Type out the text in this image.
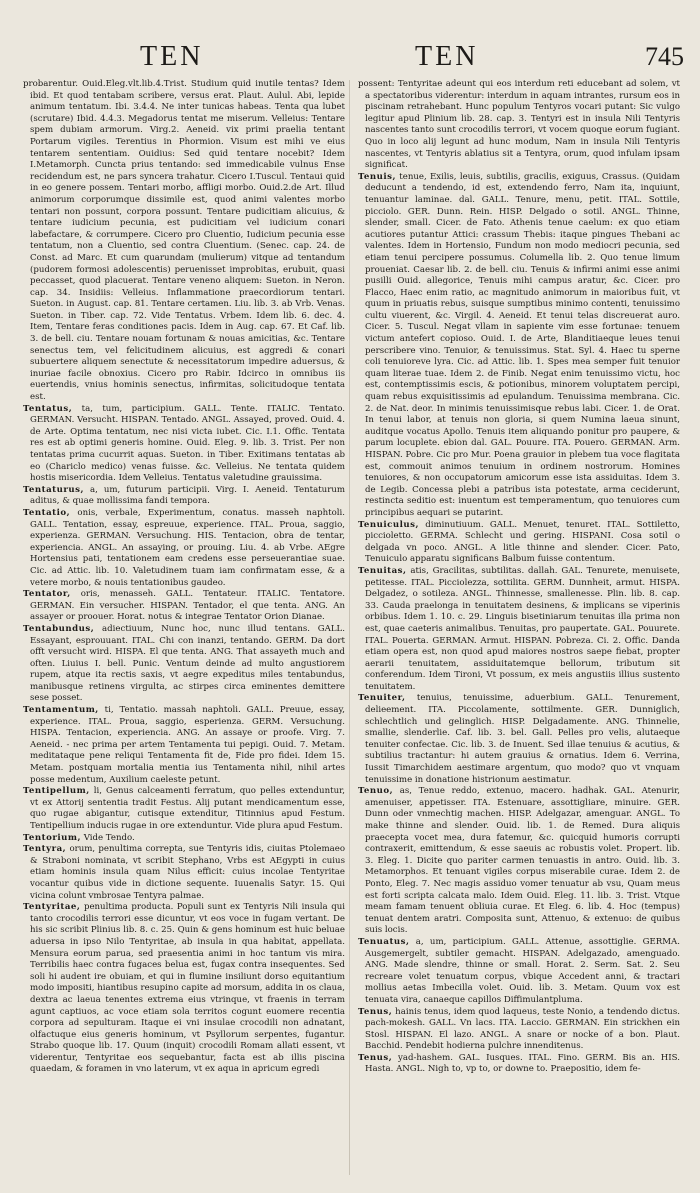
TEN	TEN	745

probarentur. Ouid.Eleg.vlt.lib.4.Trist. Studium quid inutile tentas? Idem ibid. Et quod tentabam scribere, versus erat. Plaut. Aulul. Abi, lepide animum tentatum. Ibi. 3.4.4. Ne inter tunicas habeas. Tenta qua lubet (scrutare) Ibid. 4.4.3. Megadorus tentat me miserum. Velleius: Tentare spem dubiam armorum. Virg.2. Aeneid. vix primi praelia tentant Portarum vigiles. Terentius in Phormion. Visum est mihi ve eius tentarem sententiam. Ouidius: Sed quid tentare nocebit? Idem I.Metamorph. Cuncta prius tentando: sed immedicabile vulnus Ense recidendum est, ne pars syncera trahatur. Cicero I.Tuscul. Tentaui quid in eo genere possem. Tentari morbo, affligi morbo. Ouid.2.de Art. Illud animorum corporumque dissimile est, quod animi valentes morbo tentari non possunt, corpora possunt. Tentare pudicitiam alicuius, & tentare iudicium pecunia, est pudicitiam vel iudicium conari labefactare, & corrumpere. Cicero pro Cluentio, Iudicium pecunia esse tentatum, non a Cluentio, sed contra Cluentium. (Senec. cap. 24. de Const. ad Marc. Et cum quarundam (mulierum) vitque ad tentandum (pudorem formosi adolescentis) peruenisset improbitas, erubuit, quasi peccasset, quod placuerat. Tentare veneno aliquem: Sueton. in Neron. cap. 34. Insidiis: Velleius. Inflammatione praecordiorum tentari. Sueton. in August. cap. 81. Tentare certamen. Liu. lib. 3. ab Vrb. Venas. Sueton. in Tiber. cap. 72. Vide Tentatus. Vrbem. Idem lib. 6. dec. 4. Item, Tentare feras conditiones pacis. Idem in Aug. cap. 67. Et Caf. lib. 3. de bell. ciu. Tentare nouam fortunam & nouas amicitias, &c. Tentare senectus tem, vel felicitudinem alicuius, est aggredi & conari subuertere aliquem senectute & necessitatorum impedire aduersus, & inuriae facile obnoxius. Cicero pro Rabir. Idcirco in omnibus iis euertendis, vnius hominis senectus, infirmitas, solicitudoque tentata est.

Tentatus, ta, tum, participium. GALL. Tente. ITALIC. Tentato. GERMAN. Versucht. HISPAN. Tentado. ANGL. Assayed, proved. Ouid. 4. de Arte. Optima tentatum, nec nisi victa iubet. Cic. I.1. Offic. Tentata res est ab optimi generis homine. Ouid. Eleg. 9. lib. 3. Trist. Per non tentatas prima cucurrit aquas. Sueton. in Tiber. Exitimans tentatas ab eo (Chariclo medico) venas fuisse. &c. Velleius. Ne tentata quidem hostis misericordia. Idem Velleius. Tentatus valetudine grauissima.

Tentaturus, a, um, futurum participii. Virg. I. Aeneid. Tentaturum aditus, & quae mollissima fandi tempora.

Tentatio, onis, verbale, Experimentum, conatus. masseh naphtoli. GALL. Tentation, essay, espreuue, experience. ITAL. Proua, saggio, experienza. GERMAN. Versuchung. HIS. Tentacion, obra de tentar, experiencia. ANGL. An assaying, or prouing. Liu. 4. ab Vrbe. AEgre Hortensius pati, tentationem eam credens esse perseuerantiae suae. Cic. ad Attic. lib. 10. Valetudinem tuam iam confirmatam esse, & a vetere morbo, & nouis tentationibus gaudeo.

Tentator, oris, menasseh. GALL. Tentateur. ITALIC. Tentatore. GERMAN. Ein versucher. HISPAN. Tentador, el que tenta. ANG. An assayer or proouer. Horat. notus & integrae Tentator Orion Dianae.

Tentabundus, adiectiuum, Nunc hoc, nunc illud tentans. GALL. Essayant, esprouuant. ITAL. Chi con inanzi, tentando. GERM. Da dort offt versucht wird. HISPA. El que tenta. ANG. That assayeth much and often. Liuius I. bell. Punic. Ventum deinde ad multo angustiorem rupem, atque ita rectis saxis, vt aegre expeditus miles tentabundus, manibusque retinens virgulta, ac stirpes circa eminentes demittere sese posset.

Tentamentum, ti, Tentatio. massah naphtoli. GALL. Preuue, essay, experience. ITAL. Proua, saggio, esperienza. GERM. Versuchung. HISPA. Tentacion, experiencia. ANG. An assaye or proofe. Virg. 7. Aeneid. - nec prima per artem Tentamenta tui pepigi. Ouid. 7. Metam. meditataque pene reliqui Tentamenta fit de, Fide pro fidei. Idem 15. Metam. postquam mortalia mentia ius Tentamenta nihil, nihil artes posse medentum, Auxilium caeleste petunt.

Tentipellum, li, Genus calceamenti ferratum, quo pelles extenduntur, vt ex Attorij sententia tradit Festus. Alij putant mendicamentum esse, quo rugae abigantur, cutisque extenditur, Titinnius apud Festum. Tentipellium inducis rugae in ore extenduntur. Vide plura apud Festum.

Tentorium, Vide Tendo.

Tentyra, orum, penultima correpta, sue Tentyris idis, ciuitas Ptolemaeo & Straboni nominata, vt scribit Stephano, Vrbs est AEgypti in cuius etiam hominis insula quam Nilus efficit: cuius incolae Tentyritae vocantur quibus vide in dictione sequente. Iuuenalis Satyr. 15. Qui vicina colunt vmbrosae Tentyra palmae.

Tentyritae, penultima producta. Populi sunt ex Tentyris Nili insula qui tanto crocodilis terrori esse dicuntur, vt eos voce in fugam vertant. De his sic scribit Plinius lib. 8. c. 25. Quin & gens hominum est huic beluae aduersa in ipso Nilo Tentyritae, ab insula in qua habitat, appellata. Mensura eorum parua, sed praesentia animi in hoc tantum vis mira. Terribilis haec contra fugaces belua est, fugax contra insequentes. Sed soli hi audent ire obuiam, et qui in flumine insiliunt dorso equitantium modo impositi, hiantibus resupino capite ad morsum, addita in os claua, dextra ac laeua tenentes extrema eius vtrinque, vt fraenis in terram agunt captiuos, ac voce etiam sola territos cogunt euomere recentia corpora ad sepulturam. Itaque ei vni insulae crocodili non adnatant, olfactuque eius generis hominum, vt Psyllorum serpentes, fugantur. Strabo quoque lib. 17. Quum (inquit) crocodili Romam allati essent, vt viderentur, Tentyritae eos sequebantur, facta est ab illis piscina quaedam, & foramen in vno laterum, vt ex aqua in apricum egredi

possent: Tentyritae adeunt qui eos interdum reti educebant ad solem, vt a spectatoribus viderentur: interdum in aquam intrantes, rursum eos in piscinam retrahebant. Hunc populum Tentyros vocari putant: Sic vulgo legitur apud Plinium lib. 28. cap. 3. Tentyri est in insula Nili Tentyris nascentes tanto sunt crocodilis terrori, vt vocem quoque eorum fugiant. Quo in loco alij legunt ad hunc modum, Nam in insula Nili Tentyris nascentes, vt Tentyris ablatius sit a Tentyra, orum, quod infulam ipsam significat.

Tenuis, tenue, Exilis, leuis, subtilis, gracilis, exiguus, Crassus. (Quidam deducunt a tendendo, id est, extendendo ferro, Nam ita, inquiunt, tenuantur laminae. dal. GALL. Tenure, menu, petit. ITAL. Sottile, picciolo. GER. Dunn. Rein. HISP. Delgado o sotil. ANGL. Thinne, slender, small. Cicer. de Fato. Athenis tenue caelum: ex quo etiam acutiores putantur Attici: crassum Thebis: itaque pingues Thebani ac valentes. Idem in Hortensio, Fundum non modo mediocri pecunia, sed etiam tenui percipere possumus. Columella lib. 2. Quo tenue limum proueniat. Caesar lib. 2. de bell. ciu. Tenuis & infirmi animi esse animi pusilli Ouid. allegorice, Tenuis mihi campus aratur, &c. Cicer. pro Flacco, Haec enim ratio, ac magnitudo animorum in maioribus fuit, vt quum in priuatis rebus, suisque sumptibus minimo contenti, tenuissimo cultu viuerent, &c. Virgil. 4. Aeneid. Et tenui telas discreuerat auro. Cicer. 5. Tuscul. Negat vllam in sapiente vim esse fortunae: tenuem victum antefert copioso. Ouid. I. de Arte, Blanditiaeque leues tenui perscribere vino. Tenuior, & tenuissimus. Stat. Syl. 4. Haec tu sperne coli tenuioreve lyra. Cic. ad Attic. lib. 1. Spes mea semper fuit tenuior quam literae tuae. Idem 2. de Finib. Negat enim tenuissimo victu, hoc est, contemptissimis escis, & potionibus, minorem voluptatem percipi, quam rebus exquisitissimis ad epulandum. Tenuissima membrana. Cic. 2. de Nat. deor. In minimis tenuissimisque rebus labi. Cicer. 1. de Orat. In tenui labor, at tenuis non gloria, si quem Numina laeua sinunt, auditque vocatus Apollo. Tenuis item aliquando ponitur pro paupere, & parum locuplete. ebion dal. GAL. Pouure. ITA. Pouero. GERMAN. Arm. HISPAN. Pobre. Cic pro Mur. Poena grauior in plebem tua voce flagitata est, commouit animos tenuium in ordinem nostrorum. Homines tenuiores, & non occupatorum amicorum esse ista assiduitas. Idem 3. de Legib. Concessa plebi a patribus ista potestate, arma ceciderunt, restincta seditio est: inuentum est temperamentum, quo tenuiores cum principibus aequari se putarint.

Tenuiculus, diminutiuum. GALL. Menuet, tenuret. ITAL. Sottiletto, piccioletto. GERMA. Schlecht und gering. HISPANI. Cosa sotil o delgada vn poco. ANGL. A litle thinne and slender. Cicer. Pato, Tenuiculo apparatu significans Balbum fuisse contentum.

Tenuitas, atis, Gracilitas, subtilitas. dallah. GAL. Tenurete, menuisete, petitesse. ITAL. Picciolezza, sottilita. GERM. Dunnheit, armut. HISPA. Delgadez, o sotileza. ANGL. Thinnesse, smallenesse. Plin. lib. 8. cap. 33. Cauda praelonga in tenuitatem desinens, & implicans se viperinis orbibus. Idem 1. 10. c. 29. Linguis bisetiniarum tenuitas illa prima non est, quae caeteris animalibus. Tenuitas, pro paupertate. GAL. Pouurete. ITAL. Pouerta. GERMAN. Armut. HISPAN. Pobreza. Ci. 2. Offic. Danda etiam opera est, non quod apud maiores nostros saepe fiebat, propter aerarii tenuitatem, assiduitatemque bellorum, tributum sit conferendum. Idem Tironi, Vt possum, ex meis angustiis illius sustento tenuitatem.

Tenuiter, tenuius, tenuissime, aduerbium. GALL. Tenurement, delieement. ITA. Piccolamente, sottilmente. GER. Dunniglich, schlechtlich und gelinglich. HISP. Delgadamente. ANG. Thinnelie, smallie, slenderlie. Caf. lib. 3. bel. Gall. Pelles pro velis, alutaeque tenuiter confectae. Cic. lib. 3. de Inuent. Sed illae tenuius & acutius, & subtilius tractantur: hi autem grauius & ornatius. Idem 6. Verrina, Iussit Timarchidem aestimare argentum, quo modo? quo vt vnquam tenuissime in donatione histrionum aestimatur.

Tenuo, as, Tenue reddo, extenuo, macero. hadhak. GAL. Atenurir, amenuiser, appetisser. ITA. Estenuare, assottigliare, minuire. GER. Dunn oder vnmechtig machen. HISP. Adelgazar, amenguar. ANGL. To make thinne and slender. Ouid. lib. 1. de Remed. Dura aliquis praecepta vocet mea, dura fatemur, &c. quicquid humoris corrupti contraxerit, emittendum, & esse saeuis ac robustis volet. Propert. lib. 3. Eleg. 1. Dicite quo pariter carmen tenuastis in antro. Ouid. lib. 3. Metamorphos. Et tenuant vigiles corpus miserabile curae. Idem 2. de Ponto, Eleg. 7. Nec magis assiduo vomer tenuatur ab vsu, Quam meus est forti scripta calcata malo. Idem Ouid. Eleg. 11. lib. 3. Trist. Vtque meam famam tenuent obliuia curae. Et Eleg. 6. lib. 4. Hoc (tempus) tenuat dentem aratri. Composita sunt, Attenuo, & extenuo: de quibus suis locis.

Tenuatus, a, um, participium. GALL. Attenue, assottiglie. GERMA. Ausgemergelt, subtiler gemacht. HISPAN. Adelgazado, amenguado. ANG. Made slendre, thinne or small. Horat. 2. Serm. Sat. 2. Seu recreare volet tenuatum corpus, vbique Accedent anni, & tractari mollius aetas Imbecilla volet. Ouid. lib. 3. Metam. Quum vox est tenuata vira, canaeque capillos Diffimulantpluma.

Tenus, hainis tenus, idem quod laqueus, teste Nonio, a tendendo dictus. pach-mokesh. GALL. Vn lacs. ITA. Laccio. GERMAN. Ein strickhen ein Stosl. HISPAN. El lazo. ANGL. A snare or nocke of a bon. Plaut. Bacchid. Pendebit hodierna pulchre innenditenus.

Tenus, yad-hashem. GAL. Iusques. ITAL. Fino. GERM. Bis an. HIS. Hasta. ANGL. Nigh to, vp to, or downe to. Praepositio, idem fe-
